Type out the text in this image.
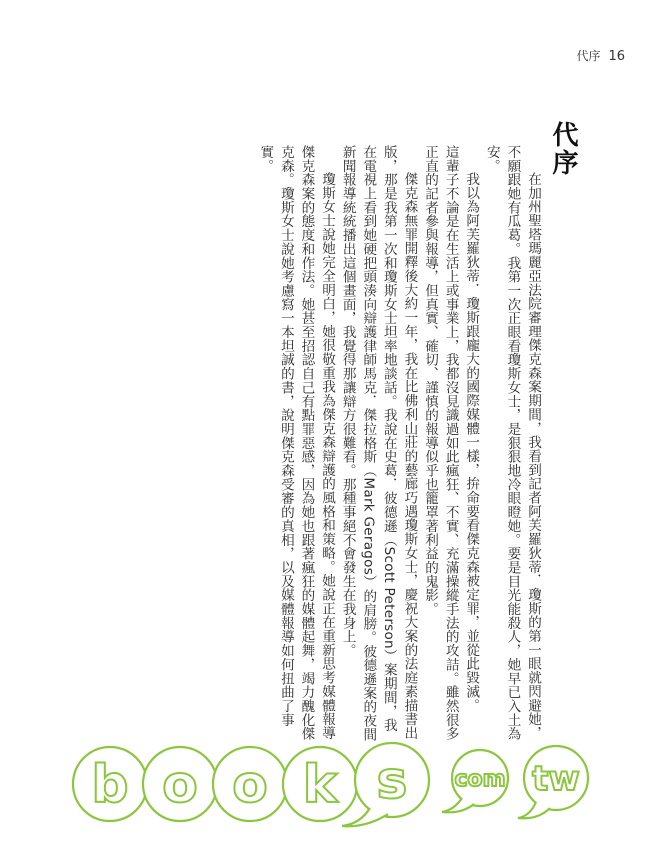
代序 16
代序

在加州聖塔瑪麗亞法院審理傑克森案期間，我看到記者阿芙羅狄蒂．瓊斯的第一眼就閃避她，不願跟她有瓜葛。我第一次正眼看瓊斯女士，是狠狠地冷眼瞪她。要是目光能殺人，她早已入土為安。

我以為阿芙羅狄蒂．瓊斯跟龐大的國際媒體一樣，拚命要看傑克森被定罪，並從此毀滅。

這輩子不論是在生活上或事業上，我都沒見識過如此瘋狂、不實、充滿操縱手法的攻詰。雖然很多正直的記者參與報導，但真實、確切、謹慎的報導似乎也籠罩著利益的鬼影。

傑克森無罪開釋後大約一年，我在比佛利山莊的藝廊巧遇瓊斯女士，慶祝大案的法庭素描書出版，那是我第一次和瓊斯女士坦率地談話。我說在史葛．彼德遜（Scott Peterson）案期間，我在電視上看到她硬把頭湊向辯護律師馬克．傑拉格斯（Mark Geragos）的肩膀。彼德遜案的夜間新聞報導統統播出這個畫面，我覺得那讓辯方很難看。那種事絕不會發生在我身上。

瓊斯女士說她完全明白，她很敬重我為傑克森辯護的風格和策略。她說正在重新思考媒體報導傑克森案的態度和作法。她甚至招認自己有點罪惡感，因為她也跟著瘋狂的媒體起舞，竭力醜化傑克森。瓊斯女士說她考慮寫一本坦誠的書，說明傑克森受審的真相，以及媒體報導如何扭曲了事實。

b o o k s com tw
